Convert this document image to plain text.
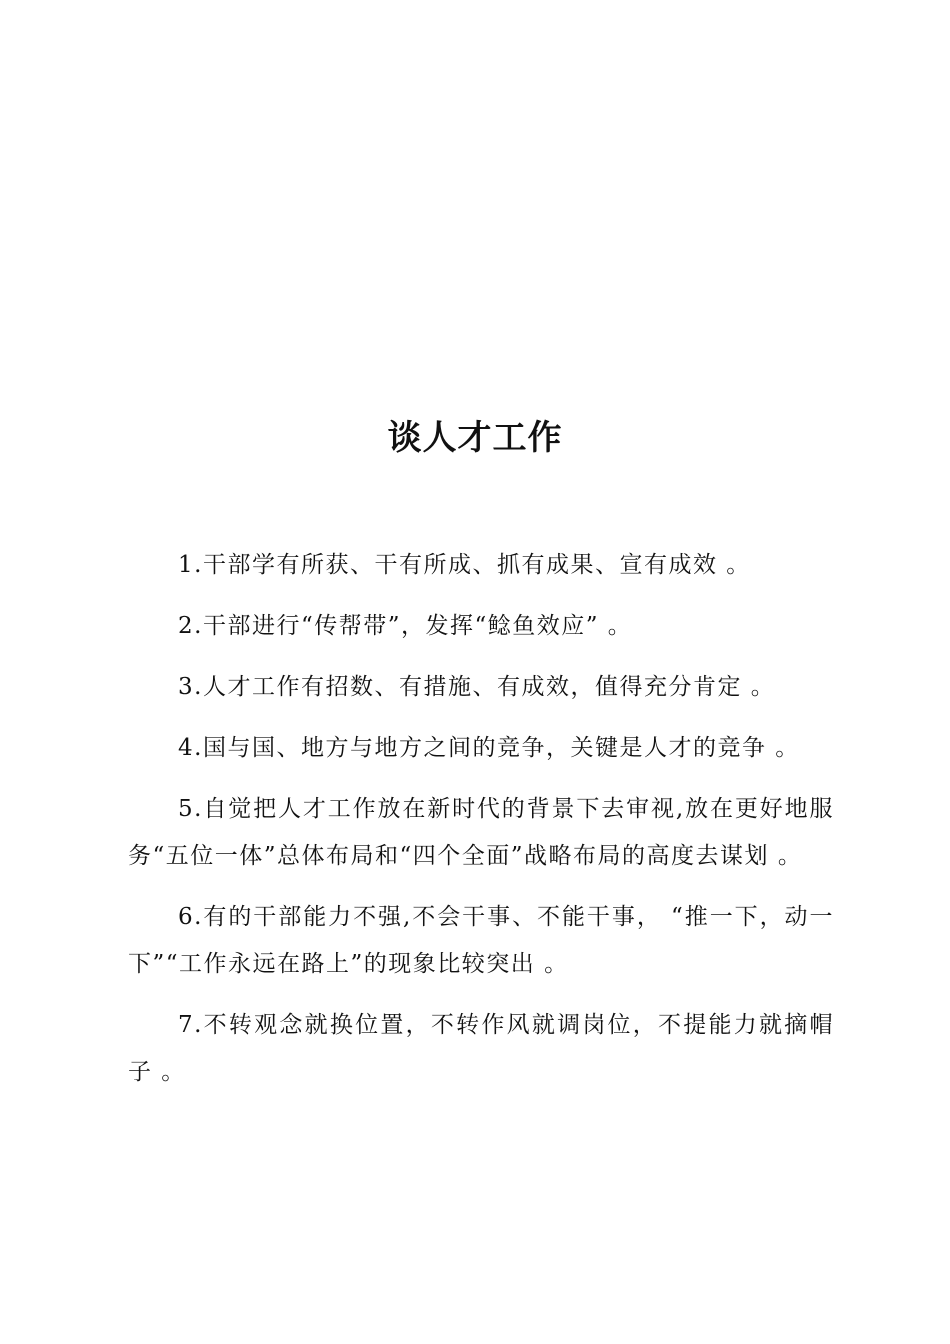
谈人才工作

1.干部学有所获、干有所成、抓有成果、宣有成效 。

2.干部进行“传帮带”，发挥“鲶鱼效应” 。

3.人才工作有招数、有措施、有成效，值得充分肯定 。

4.国与国、地方与地方之间的竞争，关键是人才的竞争 。

5.自觉把人才工作放在新时代的背景下去审视,放在更好地服务“五位一体”总体布局和“四个全面”战略布局的高度去谋划 。

6.有的干部能力不强,不会干事、不能干事， “推一下，动一下”“工作永远在路上”的现象比较突出 。

7.不转观念就换位置，不转作风就调岗位，不提能力就摘帽子 。
